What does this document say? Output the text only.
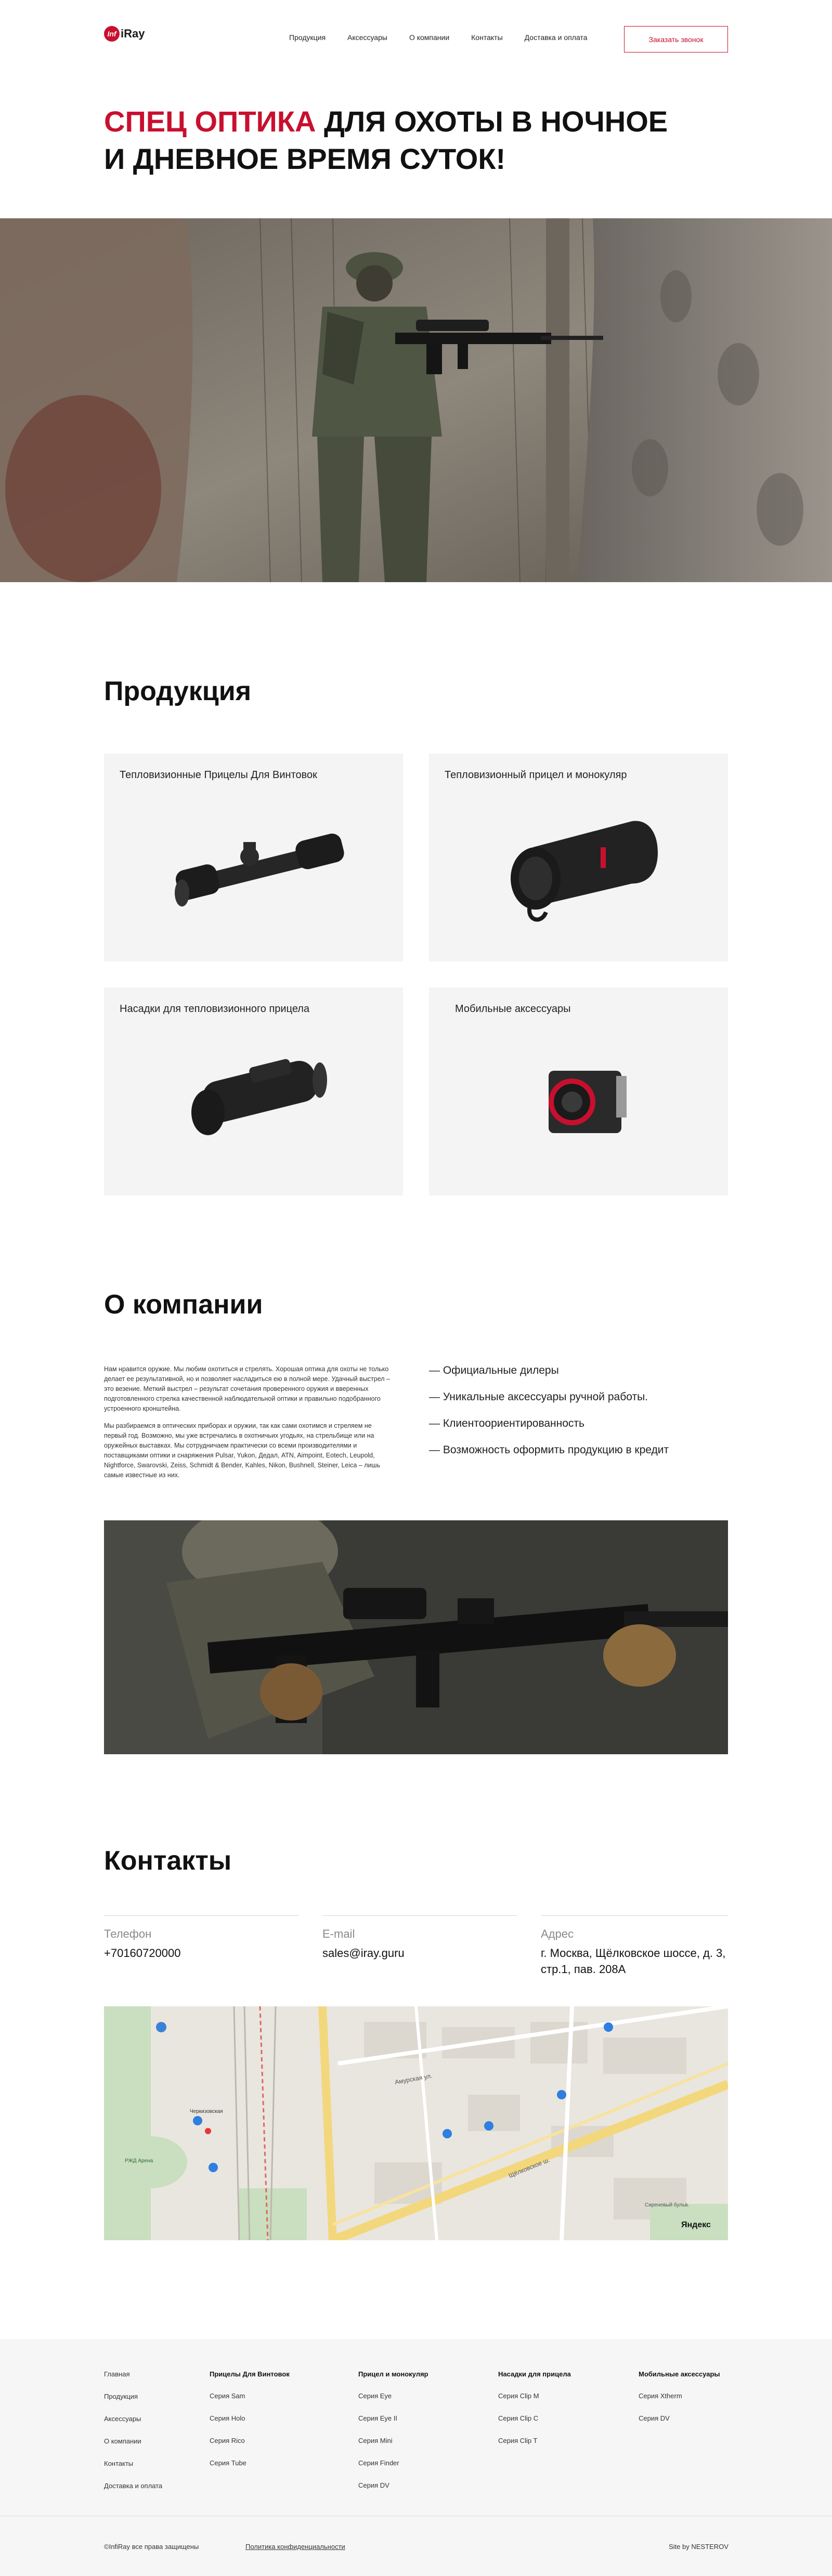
Inf iRay	Продукция	Аксессуары	О компании	Контакты	Доставка и оплата	Заказать звонок
СПЕЦ ОПТИКА ДЛЯ ОХОТЫ В НОЧНОЕ
И ДНЕВНОЕ ВРЕМЯ СУТОК!
Продукция
Тепловизионные Прицелы Для Винтовок	Тепловизионный прицел и монокуляр
Насадки для тепловизионного прицела	Мобильные аксессуары
О компании

Нам нравится оружие. Мы любим охотиться и стрелять. Хорошая оптика для охоты не только делает ее результативной, но и позволяет насладиться ею в полной мере. Удачный выстрел – это везение. Меткий выстрел – результат сочетания проверенного оружия и вверенных подготовленного стрелка качественной наблюдательной оптики и правильно подобранного устроенного кронштейна.

Мы разбираемся в оптических приборах и оружии, так как сами охотимся и стреляем не первый год. Возможно, мы уже встречались в охотничьих угодьях, на стрельбище или на оружейных выставках. Мы сотрудничаем практически со всеми производителями и поставщиками оптики и снаряжения Pulsar, Yukon, Дедал, ATN, Aimpoint, Eotech, Leupold, Nightforce, Swarovski, Zeiss, Schmidt & Bender, Kahles, Nikon, Bushnell, Steiner, Leica – лишь самые известные из них.

— Официальные дилеры
— Уникальные аксессуары ручной работы.
— Клиентоориентированность
— Возможность оформить продукцию в кредит
Контакты
Телефон
+70160720000
E-mail
sales@iray.guru
Адрес
г. Москва, Щёлковское шоссе, д. 3,
стр.1, пав. 208А
Амурская ул.
Щёлковское ш.
Черкизовская
РЖД Арена
Сиреневый бульв.
Яндекс
Главная
Продукция
Аксессуары
О компании
Контакты
Доставка и оплата
Прицелы Для Винтовок
Серия Sam
Серия Holo
Серия Rico
Серия Tube
Прицел и монокуляр
Серия Eye
Серия Eye II
Серия Mini
Серия Finder
Серия DV
Насадки для прицела
Серия Clip M
Серия Clip C
Серия Clip T
Мобильные аксессуары
Серия Xtherm
Серия DV
©InfiRay все права защищены	Политика конфиденциальности	Site by NESTEROV
